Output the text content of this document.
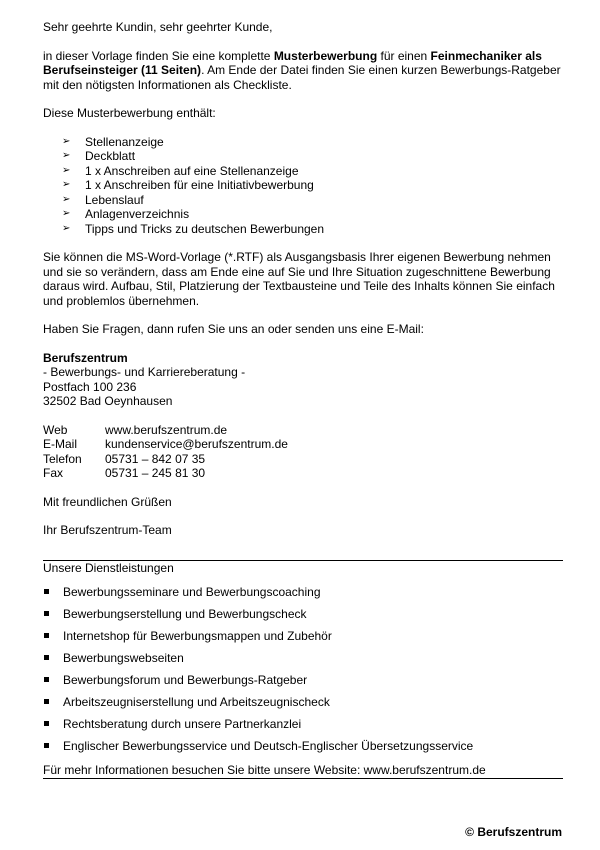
Sehr geehrte Kundin, sehr geehrter Kunde,

in dieser Vorlage finden Sie eine komplette Musterbewerbung für einen Feinmechaniker als Berufseinsteiger (11 Seiten). Am Ende der Datei finden Sie einen kurzen Bewerbungs-Ratgeber mit den nötigsten Informationen als Checkliste.

Diese Musterbewerbung enthält:

➢ Stellenanzeige
➢ Deckblatt
➢ 1 x Anschreiben auf eine Stellenanzeige
➢ 1 x Anschreiben für eine Initiativbewerbung
➢ Lebenslauf
➢ Anlagenverzeichnis
➢ Tipps und Tricks zu deutschen Bewerbungen

Sie können die MS-Word-Vorlage (*.RTF) als Ausgangsbasis Ihrer eigenen Bewerbung nehmen und sie so verändern, dass am Ende eine auf Sie und Ihre Situation zugeschnittene Bewerbung daraus wird. Aufbau, Stil, Platzierung der Textbausteine und Teile des Inhalts können Sie einfach und problemlos übernehmen.

Haben Sie Fragen, dann rufen Sie uns an oder senden uns eine E-Mail:

Berufszentrum

- Bewerbungs- und Karriereberatung -

Postfach 100 236

32502 Bad Oeynhausen

Web	www.berufszentrum.de
E-Mail	kundenservice@berufszentrum.de
Telefon	05731 – 842 07 35
Fax	05731 – 245 81 30

Mit freundlichen Grüßen

Ihr Berufszentrum-Team

Unsere Dienstleistungen

Bewerbungsseminare und Bewerbungscoaching
Bewerbungserstellung und Bewerbungscheck
Internetshop für Bewerbungsmappen und Zubehör
Bewerbungswebseiten
Bewerbungsforum und Bewerbungs-Ratgeber
Arbeitszeugniserstellung und Arbeitszeugnischeck
Rechtsberatung durch unsere Partnerkanzlei
Englischer Bewerbungsservice und Deutsch-Englischer Übersetzungsservice

Für mehr Informationen besuchen Sie bitte unsere Website: www.berufszentrum.de

© Berufszentrum
